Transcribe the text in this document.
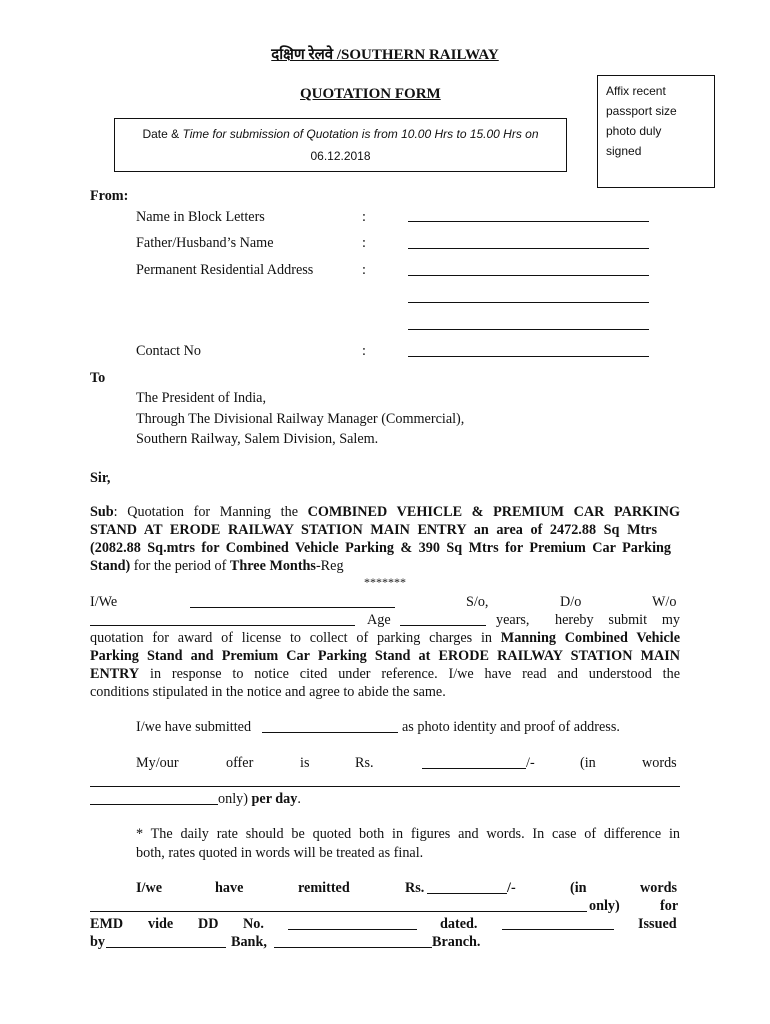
दक्षिण रेलवे /SOUTHERN RAILWAY
QUOTATION FORM
Date & Time for submission of Quotation is from 10.00 Hrs to 15.00 Hrs on
06.12.2018
Affix recent
passport size
photo duly
signed
From:
Name in Block Letters	:
Father/Husband’s Name	:
Permanent Residential Address	:
Contact No	:
To
The President of India,
Through The Divisional Railway Manager (Commercial),
Southern Railway, Salem Division, Salem.
Sir,
Sub: Quotation for Manning the COMBINED VEHICLE & PREMIUM CAR PARKING
STAND AT ERODE RAILWAY STATION MAIN ENTRY an area of 2472.88 Sq Mtrs
(2082.88 Sq.mtrs for Combined Vehicle Parking & 390 Sq Mtrs for Premium Car Parking
Stand) for the period of Three Months-Reg
*******
I/We	S/o,	D/o	W/o
Age	years, hereby submit my
quotation for award of license to collect of parking charges in Manning Combined Vehicle
Parking Stand and Premium Car Parking Stand at ERODE RAILWAY STATION MAIN
ENTRY in response to notice cited under reference. I/we have read and understood the
conditions stipulated in the notice and agree to abide the same.
I/we have submitted	as photo identity and proof of address.
My/our	offer	is	Rs.	/-	(in	words
only) per day.
* The daily rate should be quoted both in figures and words. In case of difference in
both, rates quoted in words will be treated as final.
I/we	have	remitted	Rs.	/-	(in	words
only)	for
EMD vide DD No.	dated.	Issued
by	Bank,	Branch.
